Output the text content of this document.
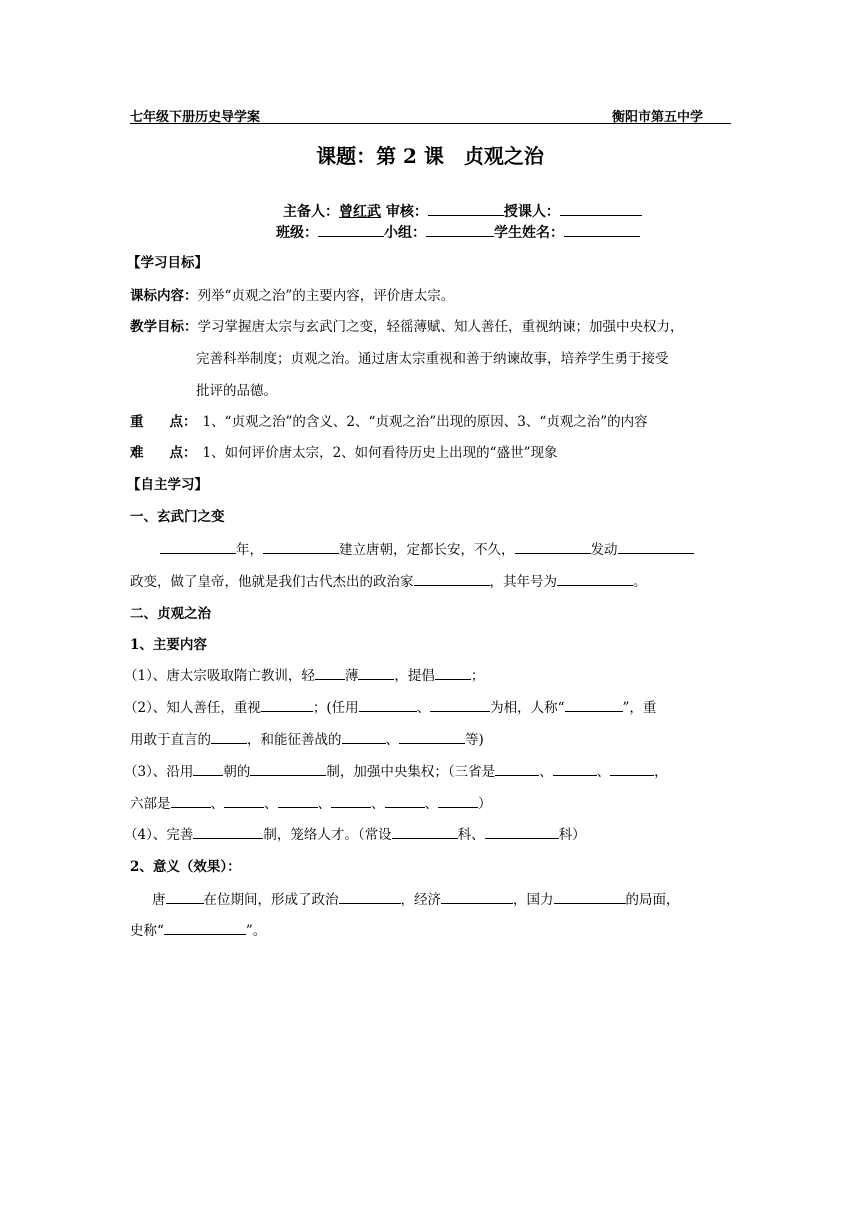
七年级下册历史导学案	衡阳市第五中学
课题：第 2 课　贞观之治
主备人：曾红武 审核：	授课人：
班级：	小组：	学生姓名：
【学习目标】
课标内容：列举“贞观之治”的主要内容，评价唐太宗。
教学目标：学习掌握唐太宗与玄武门之变，轻徭薄赋、知人善任，重视纳谏；加强中央权力，
完善科举制度；贞观之治。通过唐太宗重视和善于纳谏故事，培养学生勇于接受
批评的品德。
重 点： 1、“贞观之治”的含义、2、“贞观之治”出现的原因、3、“贞观之治”的内容
难 点： 1、如何评价唐太宗，2、如何看待历史上出现的“盛世”现象
【自主学习】
一、玄武门之变
年，	建立唐朝，定都长安，不久，	发动
政变，做了皇帝，他就是我们古代杰出的政治家	，其年号为	。
二、贞观之治
1、主要内容
（1）、唐太宗吸取隋亡教训，轻 薄	，提倡	；
（2）、知人善任，重视	；(任用	、	为相，人称“	”，重
用敢于直言的	，和能征善战的	、	等)
（3）、沿用 朝的	制，加强中央集权；（三省是	、	、	，
六部是	、	、	、	、	、	）
（4）、完善	制，笼络人才。（常设	科、	科）
2、意义（效果）：
唐	在位期间，形成了政治	，经济	，国力	的局面，
史称“	”。
